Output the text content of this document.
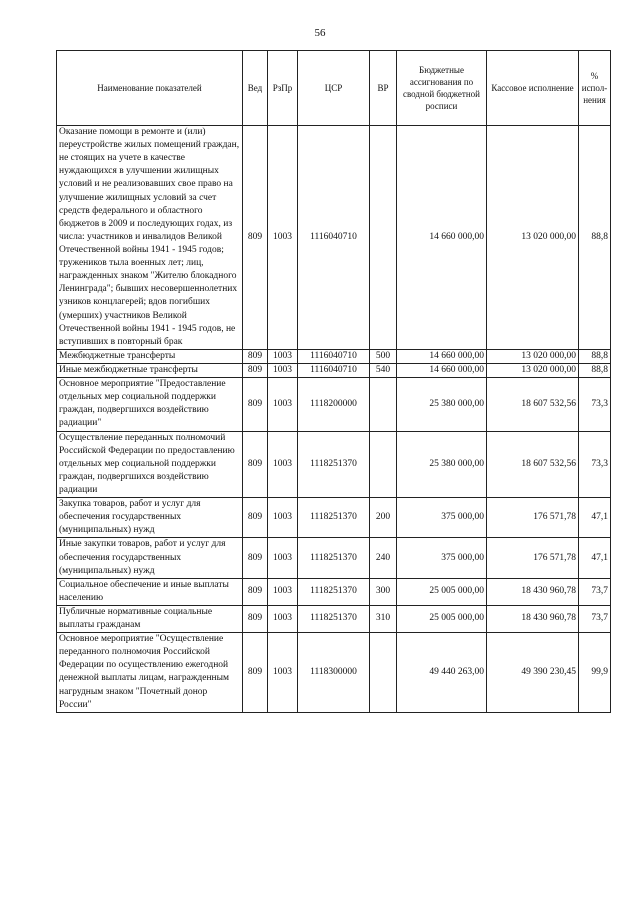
56
Наименование показателей	Вед	РзПр	ЦСР	ВР	Бюджетные ассигнования по сводной бюджетной росписи	Кассовое исполнение	% испол-нения
Оказание помощи в ремонте и (или) переустройстве жилых помещений граждан, не стоящих на учете в качестве нуждающихся в улучшении жилищных условий и не реализовавших свое право на улучшение жилищных условий за счет средств федерального и областного бюджетов в 2009 и последующих годах, из числа: участников и инвалидов Великой Отечественной войны 1941 - 1945 годов; тружеников тыла военных лет; лиц, награжденных знаком "Жителю блокадного Ленинграда"; бывших несовершеннолетних узников концлагерей; вдов погибших (умерших) участников Великой Отечественной войны 1941 - 1945 годов, не вступивших в повторный брак	809	1003	1116040710		14 660 000,00	13 020 000,00	88,8
Межбюджетные трансферты	809	1003	1116040710	500	14 660 000,00	13 020 000,00	88,8
Иные межбюджетные трансферты	809	1003	1116040710	540	14 660 000,00	13 020 000,00	88,8
Основное мероприятие "Предоставление отдельных мер социальной поддержки граждан, подвергшихся воздействию радиации"	809	1003	1118200000		25 380 000,00	18 607 532,56	73,3
Осуществление переданных полномочий Российской Федерации по предоставлению отдельных мер социальной поддержки граждан, подвергшихся воздействию радиации	809	1003	1118251370		25 380 000,00	18 607 532,56	73,3
Закупка товаров, работ и услуг для обеспечения государственных (муниципальных) нужд	809	1003	1118251370	200	375 000,00	176 571,78	47,1
Иные закупки товаров, работ и услуг для обеспечения государственных (муниципальных) нужд	809	1003	1118251370	240	375 000,00	176 571,78	47,1
Социальное обеспечение и иные выплаты населению	809	1003	1118251370	300	25 005 000,00	18 430 960,78	73,7
Публичные нормативные социальные выплаты гражданам	809	1003	1118251370	310	25 005 000,00	18 430 960,78	73,7
Основное мероприятие "Осуществление переданного полномочия Российской Федерации по осуществлению ежегодной денежной выплаты лицам, награжденным нагрудным знаком "Почетный донор России"	809	1003	1118300000		49 440 263,00	49 390 230,45	99,9
